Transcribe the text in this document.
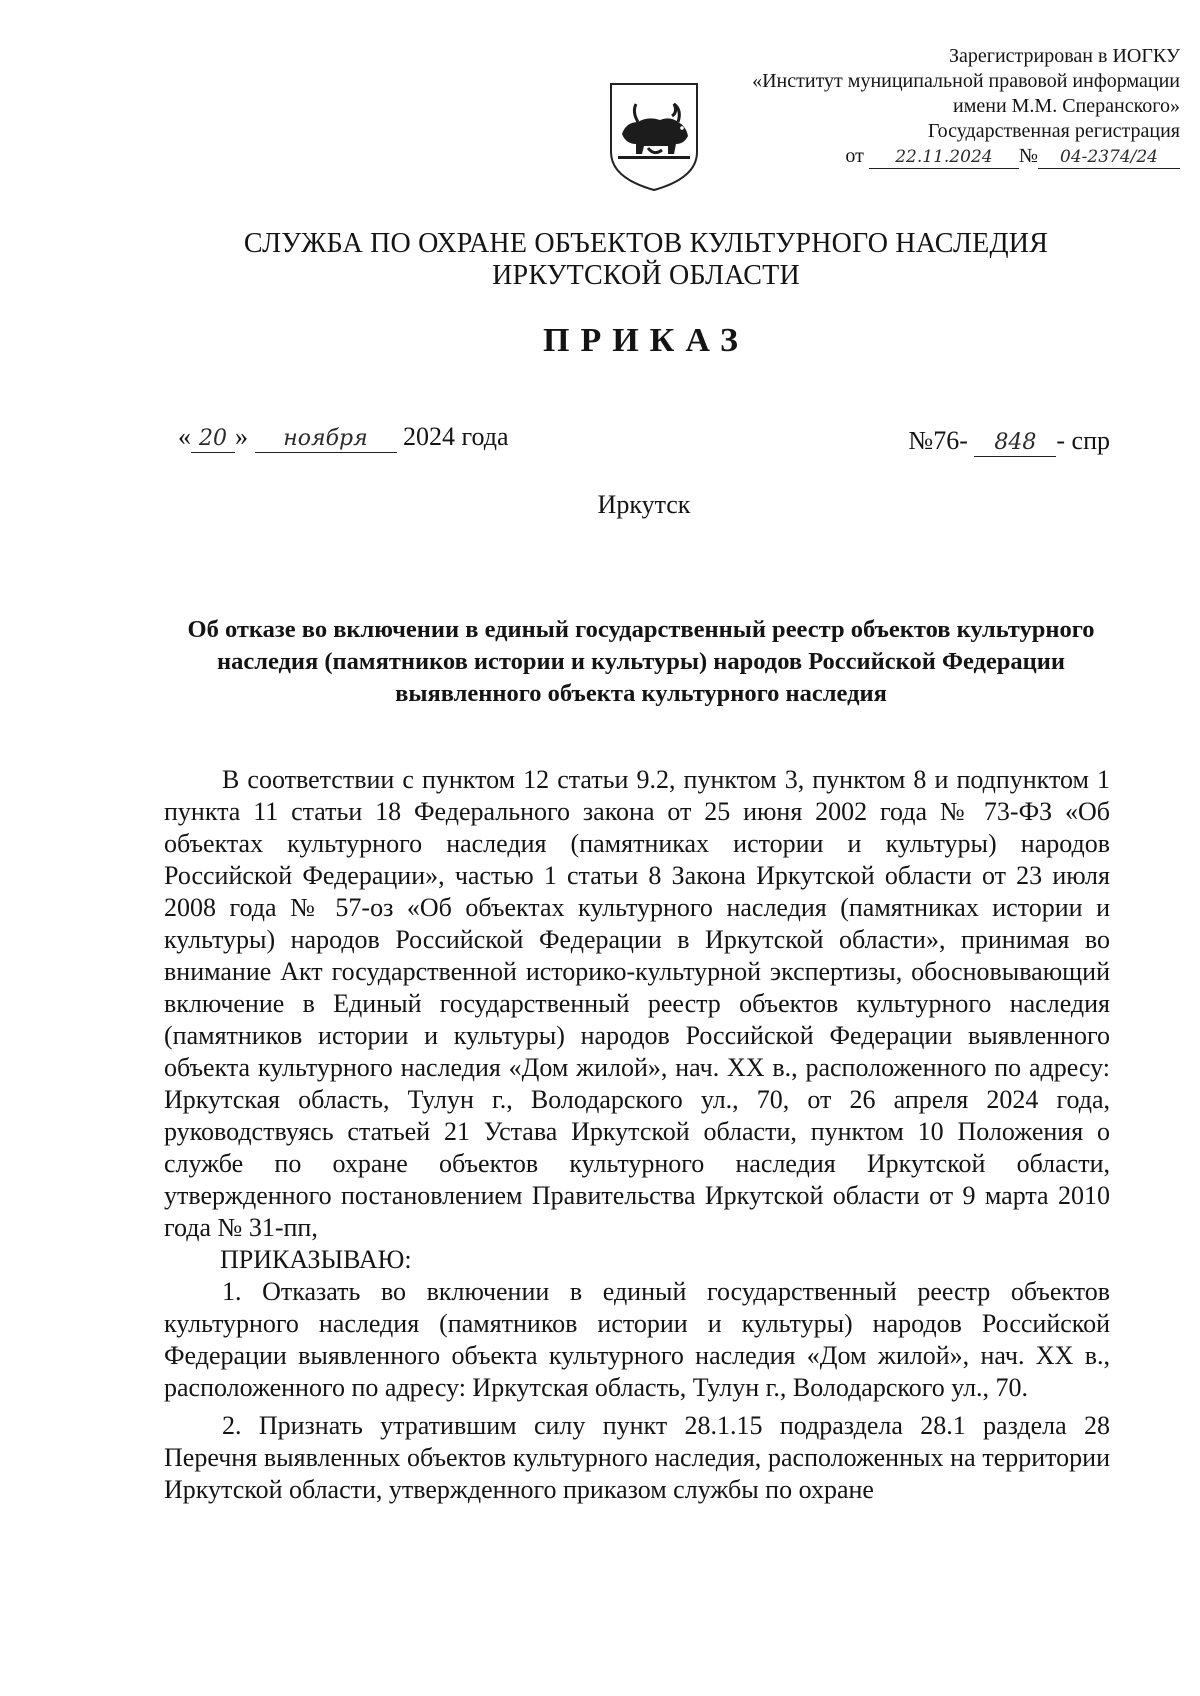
Зарегистрирован в ИОГКУ
«Институт муниципальной правовой информации
имени М.М. Сперанского»
Государственная регистрация
от 22.11.2024 № 04-2374/24
СЛУЖБА ПО ОХРАНЕ ОБЪЕКТОВ КУЛЬТУРНОГО НАСЛЕДИЯ
ИРКУТСКОЙ ОБЛАСТИ
ПРИКАЗ
« 20 » ноября 2024 года	№76- 848 - спр
Иркутск
Об отказе во включении в единый государственный реестр объектов культурного наследия (памятников истории и культуры) народов Российской Федерации выявленного объекта культурного наследия

В соответствии с пунктом 12 статьи 9.2, пунктом 3, пунктом 8 и подпунктом 1 пункта 11 статьи 18 Федерального закона от 25 июня 2002 года № 73-ФЗ «Об объектах культурного наследия (памятниках истории и культуры) народов Российской Федерации», частью 1 статьи 8 Закона Иркутской области от 23 июля 2008 года № 57-оз «Об объектах культурного наследия (памятниках истории и культуры) народов Российской Федерации в Иркутской области», принимая во внимание Акт государственной историко-культурной экспертизы, обосновывающий включение в Единый государственный реестр объектов культурного наследия (памятников истории и культуры) народов Российской Федерации выявленного объекта культурного наследия «Дом жилой», нач. XX в., расположенного по адресу: Иркутская область, Тулун г., Володарского ул., 70, от 26 апреля 2024 года, руководствуясь статьей 21 Устава Иркутской области, пунктом 10 Положения о службе по охране объектов культурного наследия Иркутской области, утвержденного постановлением Правительства Иркутской области от 9 марта 2010 года № 31-пп,

ПРИКАЗЫВАЮ:

1. Отказать во включении в единый государственный реестр объектов культурного наследия (памятников истории и культуры) народов Российской Федерации выявленного объекта культурного наследия «Дом жилой», нач. XX в., расположенного по адресу: Иркутская область, Тулун г., Володарского ул., 70.

2. Признать утратившим силу пункт 28.1.15 подраздела 28.1 раздела 28 Перечня выявленных объектов культурного наследия, расположенных на территории Иркутской области, утвержденного приказом службы по охране
